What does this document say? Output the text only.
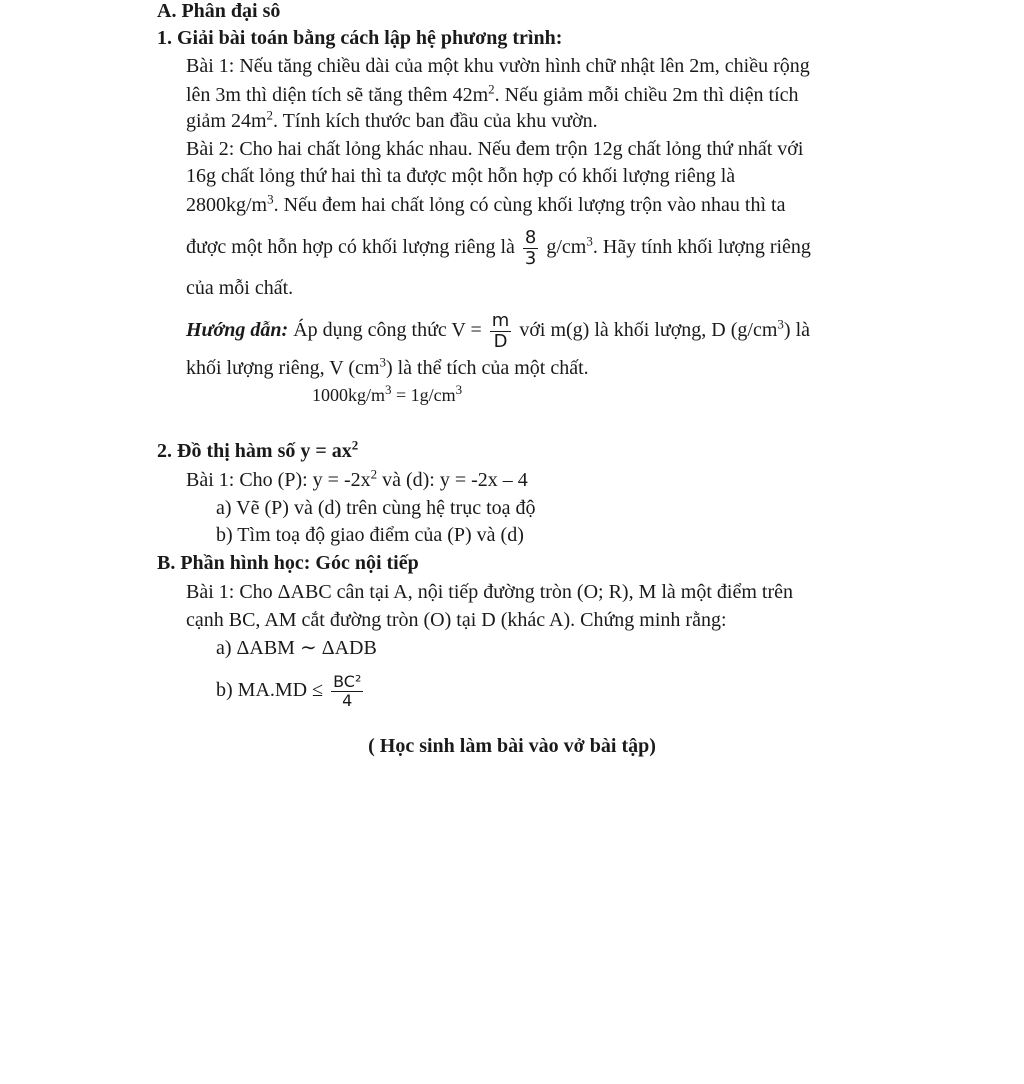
A. Phân đại sô
1. Giải bài toán bằng cách lập hệ phương trình:
Bài 1: Nếu tăng chiều dài của một khu vườn hình chữ nhật lên 2m, chiều rộng
lên 3m thì diện tích sẽ tăng thêm $42m^2$. Nếu giảm mỗi chiều 2m thì diện tích
giảm $24m^2$. Tính kích thước ban đầu của khu vườn.
Bài 2: Cho hai chất lỏng khác nhau. Nếu đem trộn 12g chất lỏng thứ nhất với
16g chất lỏng thứ hai thì ta được một hỗn hợp có khối lượng riêng là
$2800kg/m^3$. Nếu đem hai chất lỏng có cùng khối lượng trộn vào nhau thì ta
được một hỗn hợp có khối lượng riêng là $\frac{8}{3} g/cm^3$. Hãy tính khối lượng riêng
của mỗi chất.
Hướng dẫn: Áp dụng công thức $V = \frac{m}{D}$ với m(g) là khối lượng, D $(g/cm^3)$ là
khối lượng riêng, V $(cm^3)$ là thể tích của một chất.
$1000kg/m^3 = 1g/cm^3$
2. Đồ thị hàm số $y = ax^2$
Bài 1: Cho (P): $y = -2x^2$ và (d): y = -2x – 4
a) Vẽ (P) và (d) trên cùng hệ trục toạ độ
b) Tìm toạ độ giao điểm của (P) và (d)
B. Phần hình học: Góc nội tiếp
Bài 1: Cho ΔABC cân tại A, nội tiếp đường tròn (O; R), M là một điểm trên
cạnh BC, AM cắt đường tròn (O) tại D (khác A). Chứng minh rằng:
a) ΔABM ∼ ΔADB
b) $MA.MD \le \frac{\text{BC²}}{4}$
( Học sinh làm bài vào vở bài tập)
